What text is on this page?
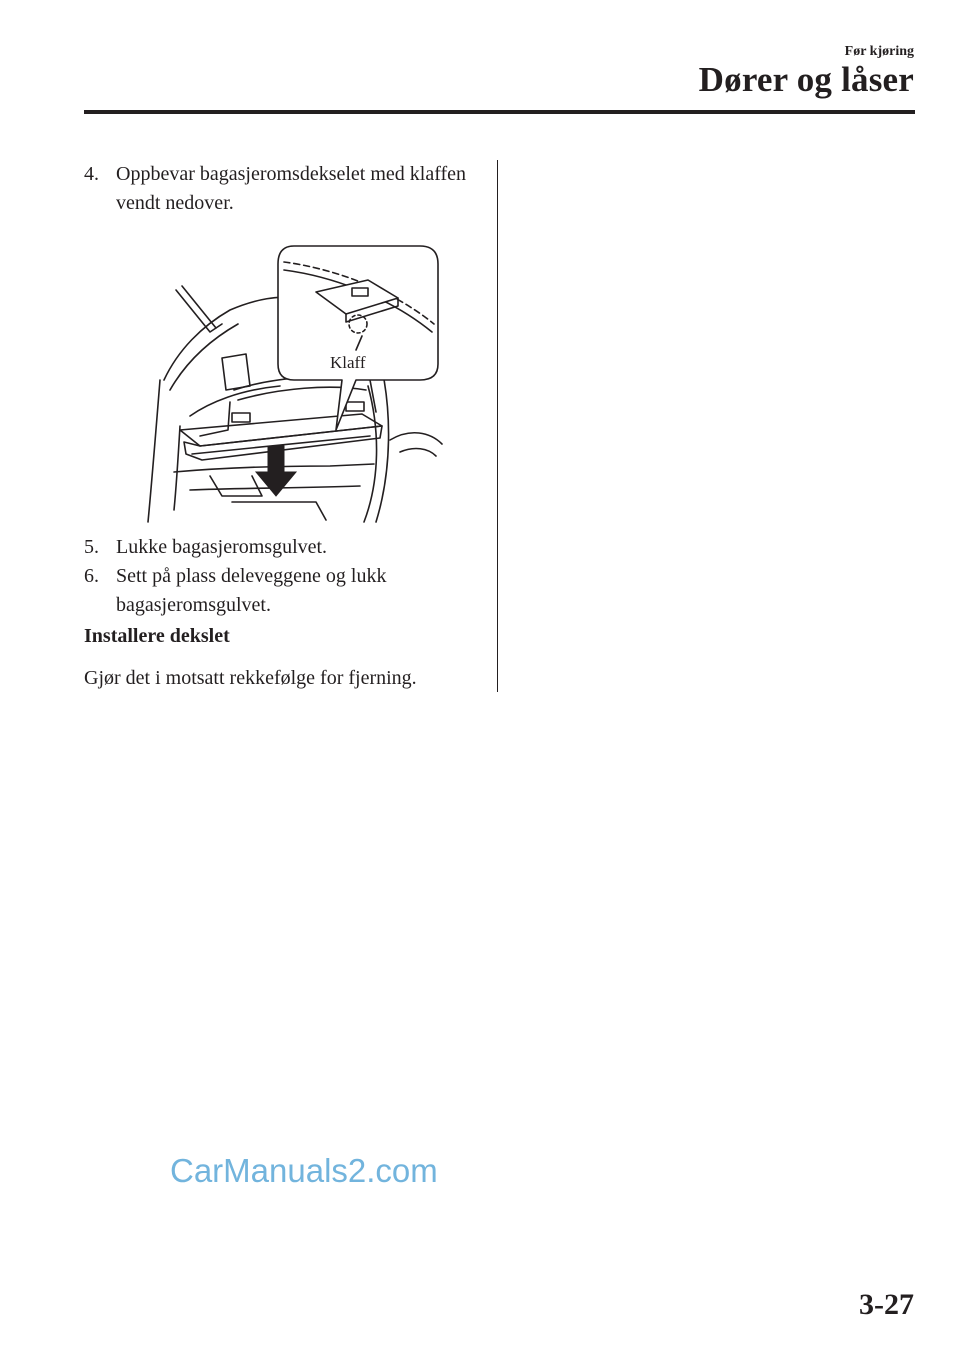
Før kjøring
Dører og låser
4. Oppbevar bagasjeromsdekselet med klaffen vendt nedover.
Klaff
5. Lukke bagasjeromsgulvet.
6. Sett på plass deleveggene og lukk bagasjeromsgulvet.
Installere dekslet
Gjør det i motsatt rekkefølge for fjerning.
CarManuals2.com
3-27
